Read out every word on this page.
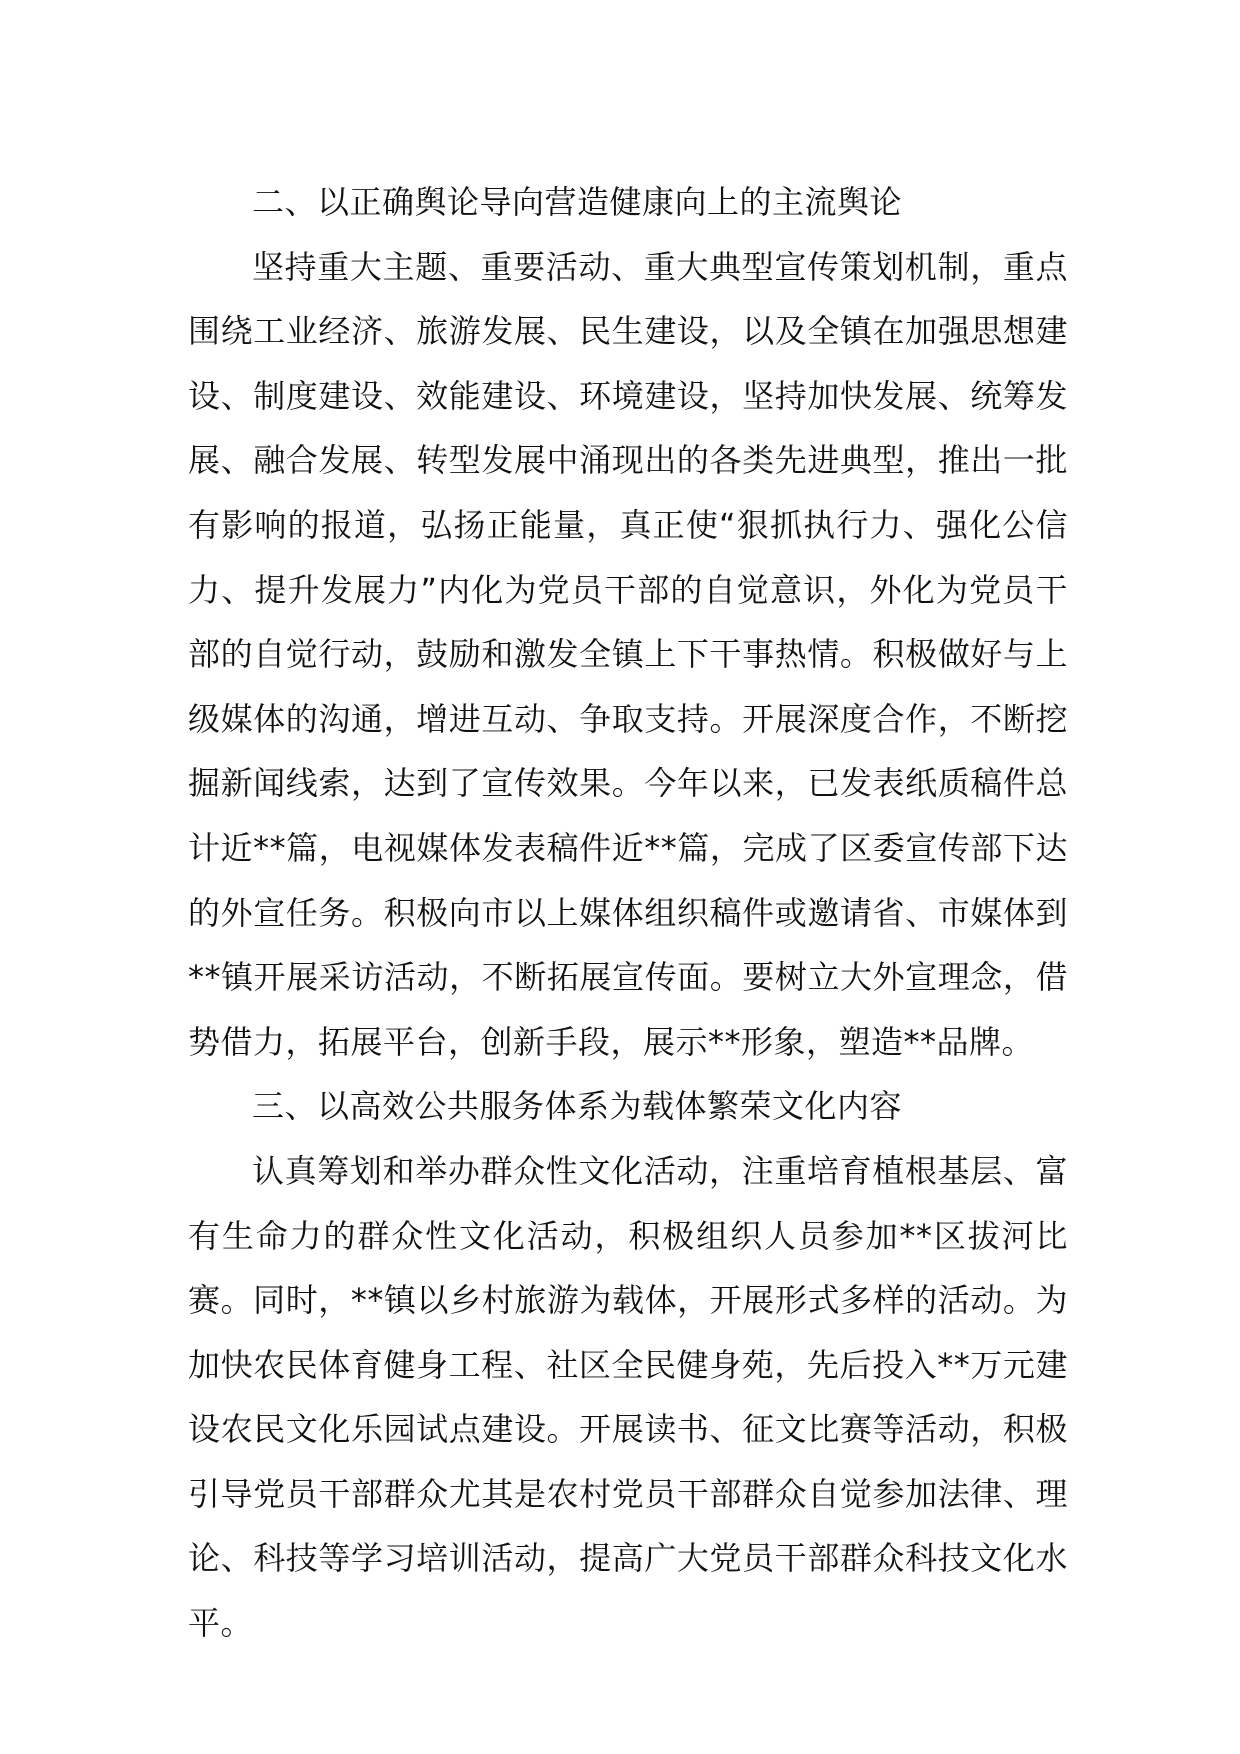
二、以正确舆论导向营造健康向上的主流舆论

坚持重大主题、重要活动、重大典型宣传策划机制，重点围绕工业经济、旅游发展、民生建设，以及全镇在加强思想建设、制度建设、效能建设、环境建设，坚持加快发展、统筹发展、融合发展、转型发展中涌现出的各类先进典型，推出一批有影响的报道，弘扬正能量，真正使“狠抓执行力、强化公信力、提升发展力”内化为党员干部的自觉意识，外化为党员干部的自觉行动，鼓励和激发全镇上下干事热情。积极做好与上级媒体的沟通，增进互动、争取支持。开展深度合作，不断挖掘新闻线索，达到了宣传效果。今年以来，已发表纸质稿件总计近**篇，电视媒体发表稿件近**篇，完成了区委宣传部下达的外宣任务。积极向市以上媒体组织稿件或邀请省、市媒体到**镇开展采访活动，不断拓展宣传面。要树立大外宣理念，借势借力，拓展平台，创新手段，展示**形象，塑造**品牌。

三、以高效公共服务体系为载体繁荣文化内容

认真筹划和举办群众性文化活动，注重培育植根基层、富有生命力的群众性文化活动，积极组织人员参加**区拔河比赛。同时，**镇以乡村旅游为载体，开展形式多样的活动。为加快农民体育健身工程、社区全民健身苑，先后投入**万元建设农民文化乐园试点建设。开展读书、征文比赛等活动，积极引导党员干部群众尤其是农村党员干部群众自觉参加法律、理论、科技等学习培训活动，提高广大党员干部群众科技文化水平。
